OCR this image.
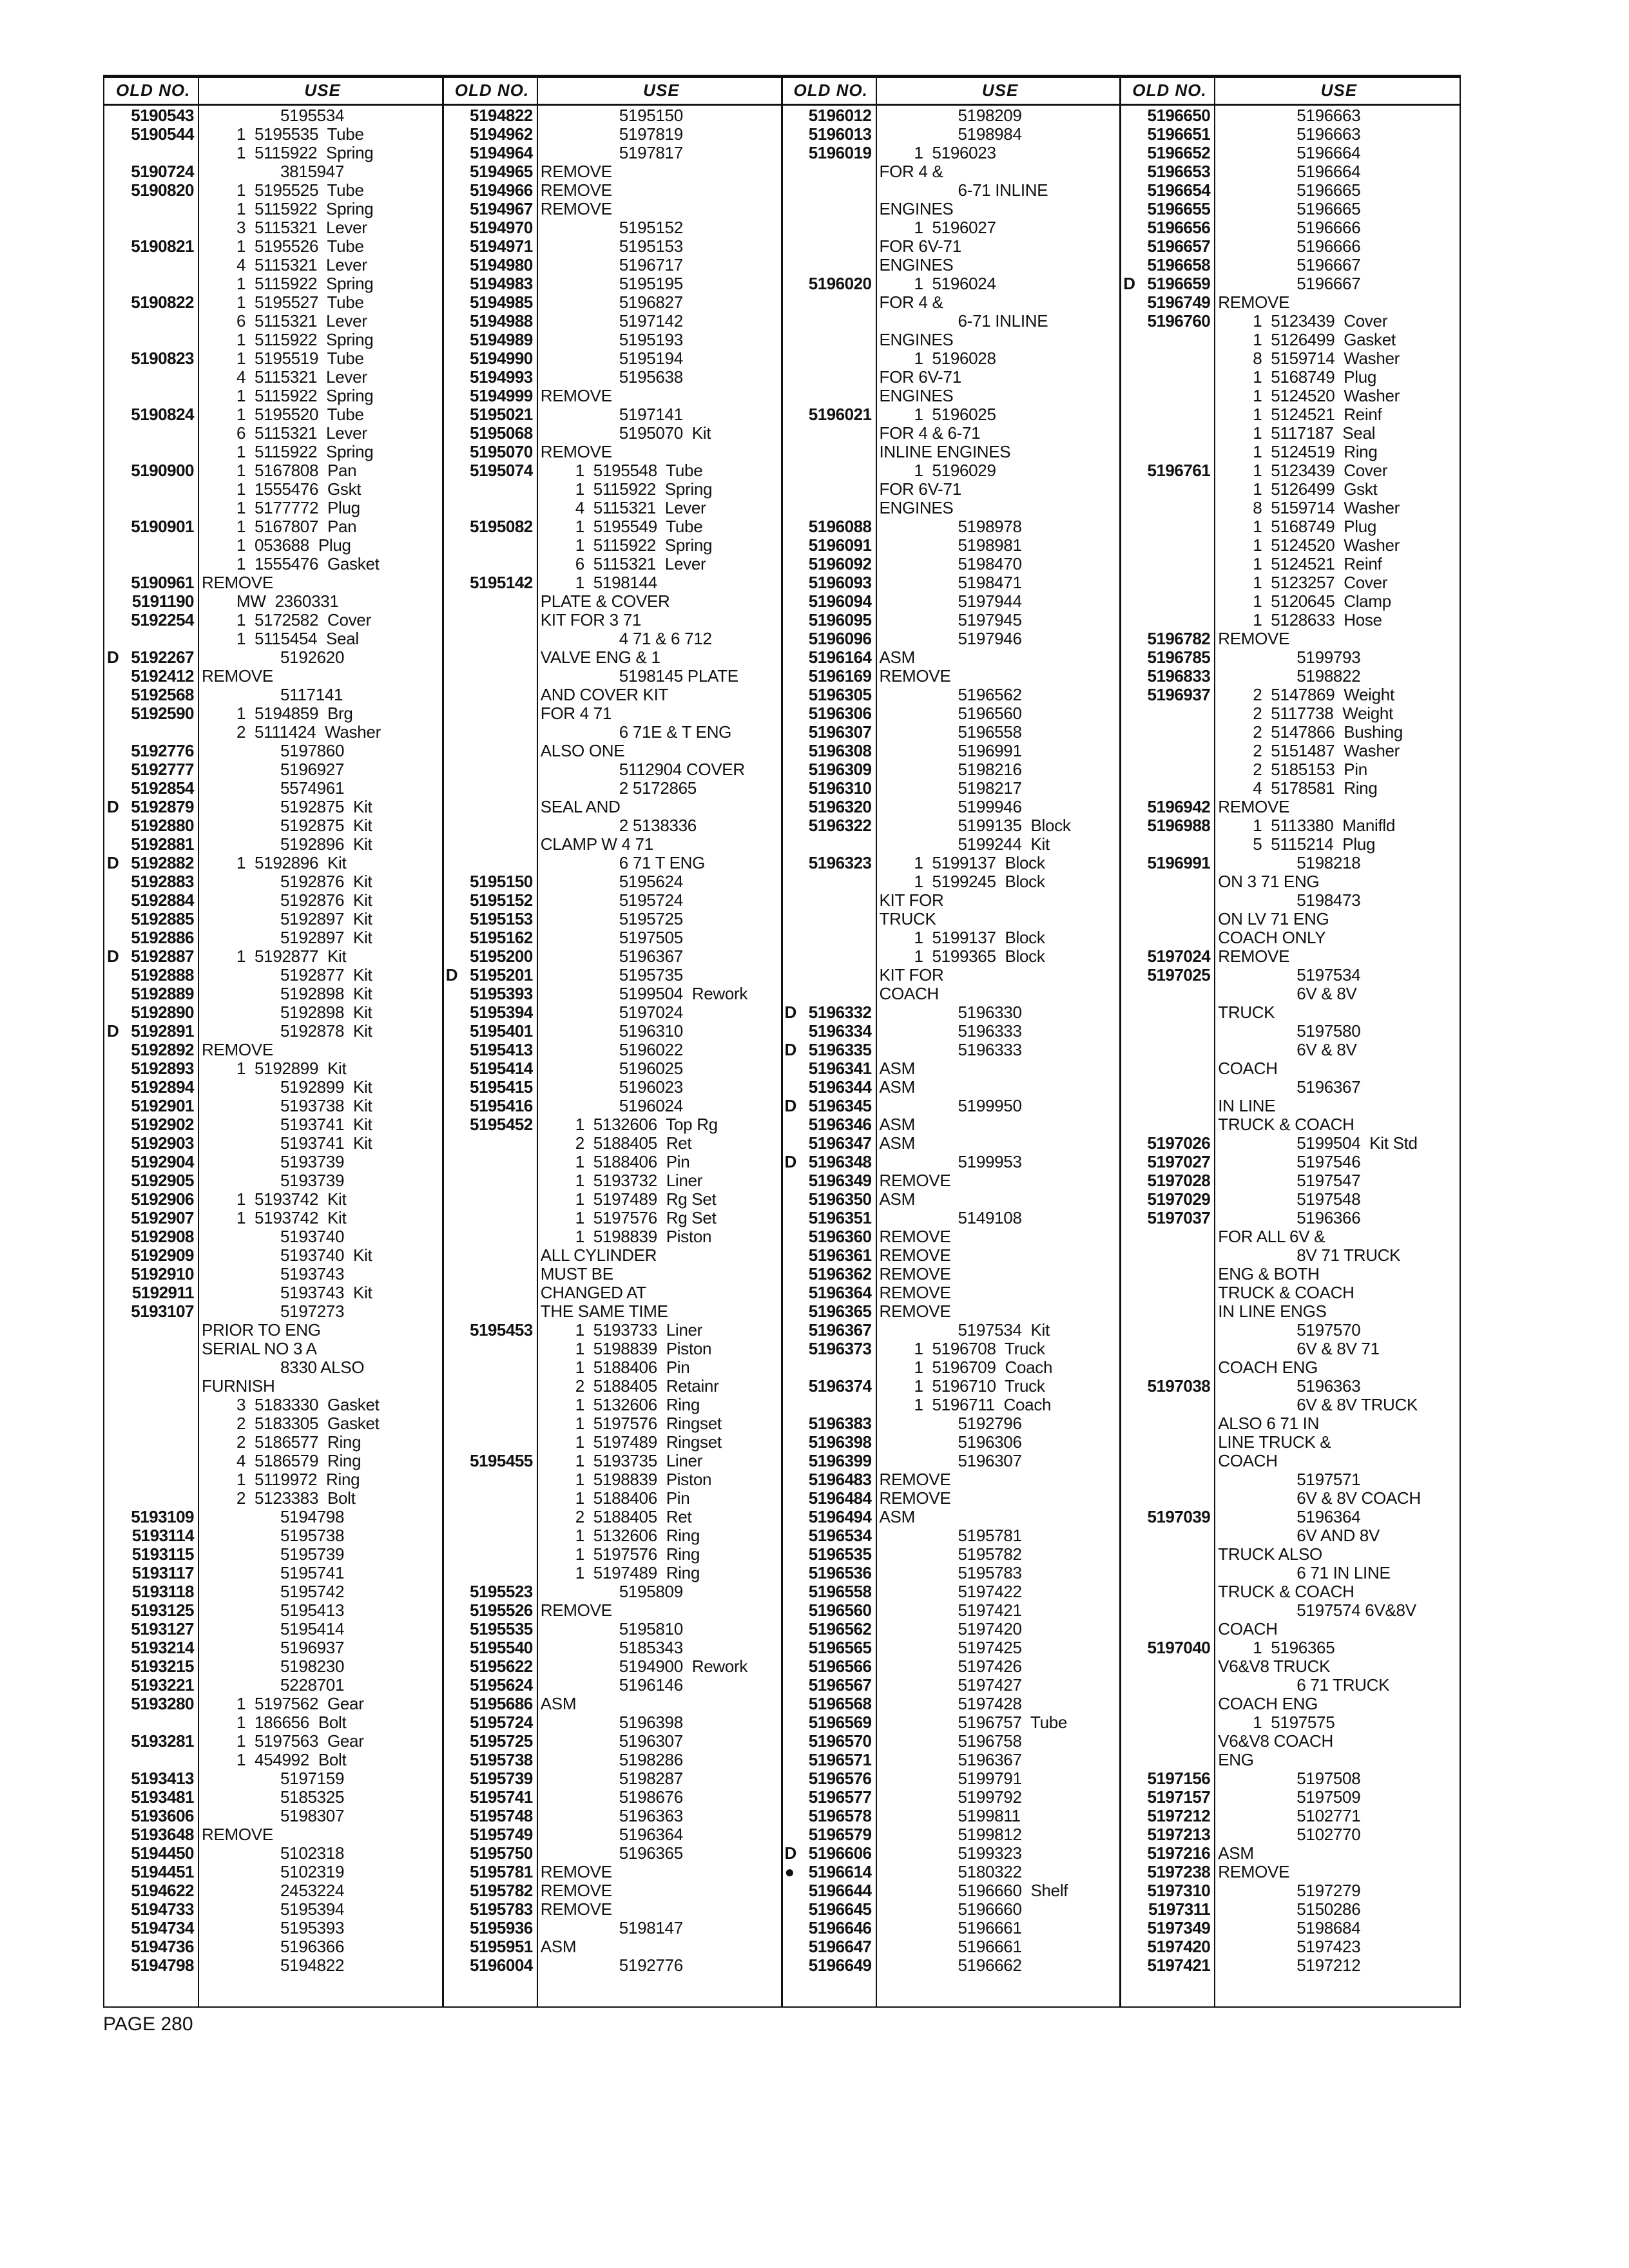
OLD NO.	USE
5190543	5195534
5190544	1  5195535  Tube
1  5115922  Spring
5190724	3815947
5190820	1  5195525  Tube
1  5115922  Spring
3  5115321  Lever
5190821	1  5195526  Tube
4  5115321  Lever
1  5115922  Spring
5190822	1  5195527  Tube
6  5115321  Lever
1  5115922  Spring
5190823	1  5195519  Tube
4  5115321  Lever
1  5115922  Spring
5190824	1  5195520  Tube
6  5115321  Lever
1  5115922  Spring
5190900	1  5167808  Pan
1  1555476  Gskt
1  5177772  Plug
5190901	1  5167807  Pan
1  053688  Plug
1  1555476  Gasket
5190961 REMOVE
5191190	MW  2360331
5192254	1  5172582  Cover
1  5115454  Seal
D 5192267	5192620
5192412 REMOVE
5192568	5117141
5192590	1  5194859  Brg
2  5111424  Washer
5192776	5197860
5192777	5196927
5192854	5574961
D 5192879	5192875  Kit
5192880	5192875  Kit
5192881	5192896  Kit
D 5192882	1  5192896  Kit
5192883	5192876  Kit
5192884	5192876  Kit
5192885	5192897  Kit
5192886	5192897  Kit
D 5192887	1  5192877  Kit
5192888	5192877  Kit
5192889	5192898  Kit
5192890	5192898  Kit
D 5192891	5192878  Kit
5192892 REMOVE
5192893	1  5192899  Kit
5192894	5192899  Kit
5192901	5193738  Kit
5192902	5193741  Kit
5192903	5193741  Kit
5192904	5193739
5192905	5193739
5192906	1  5193742  Kit
5192907	1  5193742  Kit
5192908	5193740
5192909	5193740  Kit
5192910	5193743
5192911	5193743  Kit
5193107	5197273
PRIOR TO ENG
SERIAL NO 3 A
8330 ALSO
FURNISH
3  5183330  Gasket
2  5183305  Gasket
2  5186577  Ring
4  5186579  Ring
1  5119972  Ring
2  5123383  Bolt
5193109	5194798
5193114	5195738
5193115	5195739
5193117	5195741
5193118	5195742
5193125	5195413
5193127	5195414
5193214	5196937
5193215	5198230
5193221	5228701
5193280	1  5197562  Gear
1  186656  Bolt
5193281	1  5197563  Gear
1  454992  Bolt
5193413	5197159
5193481	5185325
5193606	5198307
5193648 REMOVE
5194450	5102318
5194451	5102319
5194622	2453224
5194733	5195394
5194734	5195393
5194736	5196366
5194798	5194822
OLD NO.	USE
5194822	5195150
5194962	5197819
5194964	5197817
5194965 REMOVE
5194966 REMOVE
5194967 REMOVE
5194970	5195152
5194971	5195153
5194980	5196717
5194983	5195195
5194985	5196827
5194988	5197142
5194989	5195193
5194990	5195194
5194993	5195638
5194999 REMOVE
5195021	5197141
5195068	5195070  Kit
5195070 REMOVE
5195074	1  5195548  Tube
1  5115922  Spring
4  5115321  Lever
5195082	1  5195549  Tube
1  5115922  Spring
6  5115321  Lever
5195142	1  5198144
PLATE & COVER
KIT FOR 3 71
4 71 & 6 712
VALVE ENG & 1
5198145 PLATE
AND COVER KIT
FOR 4 71
6 71E & T ENG
ALSO ONE
5112904 COVER
2 5172865
SEAL AND
2 5138336
CLAMP W 4 71
6 71 T ENG
5195150	5195624
5195152	5195724
5195153	5195725
5195162	5197505
5195200	5196367
D 5195201	5195735
5195393	5199504  Rework
5195394	5197024
5195401	5196310
5195413	5196022
5195414	5196025
5195415	5196023
5195416	5196024
5195452	1  5132606  Top Rg
2  5188405  Ret
1  5188406  Pin
1  5193732  Liner
1  5197489  Rg Set
1  5197576  Rg Set
1  5198839  Piston
ALL CYLINDER
MUST BE
CHANGED AT
THE SAME TIME
5195453	1  5193733  Liner
1  5198839  Piston
1  5188406  Pin
2  5188405  Retainr
1  5132606  Ring
1  5197576  Ringset
1  5197489  Ringset
5195455	1  5193735  Liner
1  5198839  Piston
1  5188406  Pin
2  5188405  Ret
1  5132606  Ring
1  5197576  Ring
1  5197489  Ring
5195523	5195809
5195526 REMOVE
5195535	5195810
5195540	5185343
5195622	5194900  Rework
5195624	5196146
5195686 ASM
5195724	5196398
5195725	5196307
5195738	5198286
5195739	5198287
5195741	5198676
5195748	5196363
5195749	5196364
5195750	5196365
5195781 REMOVE
5195782 REMOVE
5195783 REMOVE
5195936	5198147
5195951 ASM
5196004	5192776
OLD NO.	USE
5196012	5198209
5196013	5198984
5196019	1  5196023
FOR 4 &
6-71 INLINE
ENGINES
1  5196027
FOR 6V-71
ENGINES
5196020	1  5196024
FOR 4 &
6-71 INLINE
ENGINES
1  5196028
FOR 6V-71
ENGINES
5196021	1  5196025
FOR 4 & 6-71
INLINE ENGINES
1  5196029
FOR 6V-71
ENGINES
5196088	5198978
5196091	5198981
5196092	5198470
5196093	5198471
5196094	5197944
5196095	5197945
5196096	5197946
5196164 ASM
5196169 REMOVE
5196305	5196562
5196306	5196560
5196307	5196558
5196308	5196991
5196309	5198216
5196310	5198217
5196320	5199946
5196322	5199135  Block
5199244  Kit
5196323	1  5199137  Block
1  5199245  Block
KIT FOR
TRUCK
1  5199137  Block
1  5199365  Block
KIT FOR
COACH
D 5196332	5196330
5196334	5196333
D 5196335	5196333
5196341 ASM
5196344 ASM
D 5196345	5199950
5196346 ASM
5196347 ASM
D 5196348	5199953
5196349 REMOVE
5196350 ASM
5196351	5149108
5196360 REMOVE
5196361 REMOVE
5196362 REMOVE
5196364 REMOVE
5196365 REMOVE
5196367	5197534  Kit
5196373	1  5196708  Truck
1  5196709  Coach
5196374	1  5196710  Truck
1  5196711  Coach
5196383	5192796
5196398	5196306
5196399	5196307
5196483 REMOVE
5196484 REMOVE
5196494 ASM
5196534	5195781
5196535	5195782
5196536	5195783
5196558	5197422
5196560	5197421
5196562	5197420
5196565	5197425
5196566	5197426
5196567	5197427
5196568	5197428
5196569	5196757  Tube
5196570	5196758
5196571	5196367
5196576	5199791
5196577	5199792
5196578	5199811
5196579	5199812
D 5196606	5199323
● 5196614	5180322
5196644	5196660  Shelf
5196645	5196660
5196646	5196661
5196647	5196661
5196649	5196662
OLD NO.	USE
5196650	5196663
5196651	5196663
5196652	5196664
5196653	5196664
5196654	5196665
5196655	5196665
5196656	5196666
5196657	5196666
5196658	5196667
D 5196659	5196667
5196749 REMOVE
5196760	1  5123439  Cover
1  5126499  Gasket
8  5159714  Washer
1  5168749  Plug
1  5124520  Washer
1  5124521  Reinf
1  5117187  Seal
1  5124519  Ring
5196761	1  5123439  Cover
1  5126499  Gskt
8  5159714  Washer
1  5168749  Plug
1  5124520  Washer
1  5124521  Reinf
1  5123257  Cover
1  5120645  Clamp
1  5128633  Hose
5196782 REMOVE
5196785	5199793
5196833	5198822
5196937	2  5147869  Weight
2  5117738  Weight
2  5147866  Bushing
2  5151487  Washer
2  5185153  Pin
4  5178581  Ring
5196942 REMOVE
5196988	1  5113380  Manifld
5  5115214  Plug
5196991	5198218
ON 3 71 ENG
5198473
ON LV 71 ENG
COACH ONLY
5197024 REMOVE
5197025	5197534
6V & 8V
TRUCK
5197580
6V & 8V
COACH
5196367
IN LINE
TRUCK & COACH
5197026	5199504  Kit Std
5197027	5197546
5197028	5197547
5197029	5197548
5197037	5196366
FOR ALL 6V &
8V 71 TRUCK
ENG & BOTH
TRUCK & COACH
IN LINE ENGS
5197570
6V & 8V 71
COACH ENG
5197038	5196363
6V & 8V TRUCK
ALSO 6 71 IN
LINE TRUCK &
COACH
5197571
6V & 8V COACH
5197039	5196364
6V AND 8V
TRUCK ALSO
6 71 IN LINE
TRUCK & COACH
5197574 6V&8V
COACH
5197040	1  5196365
V6&V8 TRUCK
6 71 TRUCK
COACH ENG
1  5197575
V6&V8 COACH
ENG
5197156	5197508
5197157	5197509
5197212	5102771
5197213	5102770
5197216 ASM
5197238 REMOVE
5197310	5197279
5197311	5150286
5197349	5198684
5197420	5197423
5197421	5197212
PAGE 280
